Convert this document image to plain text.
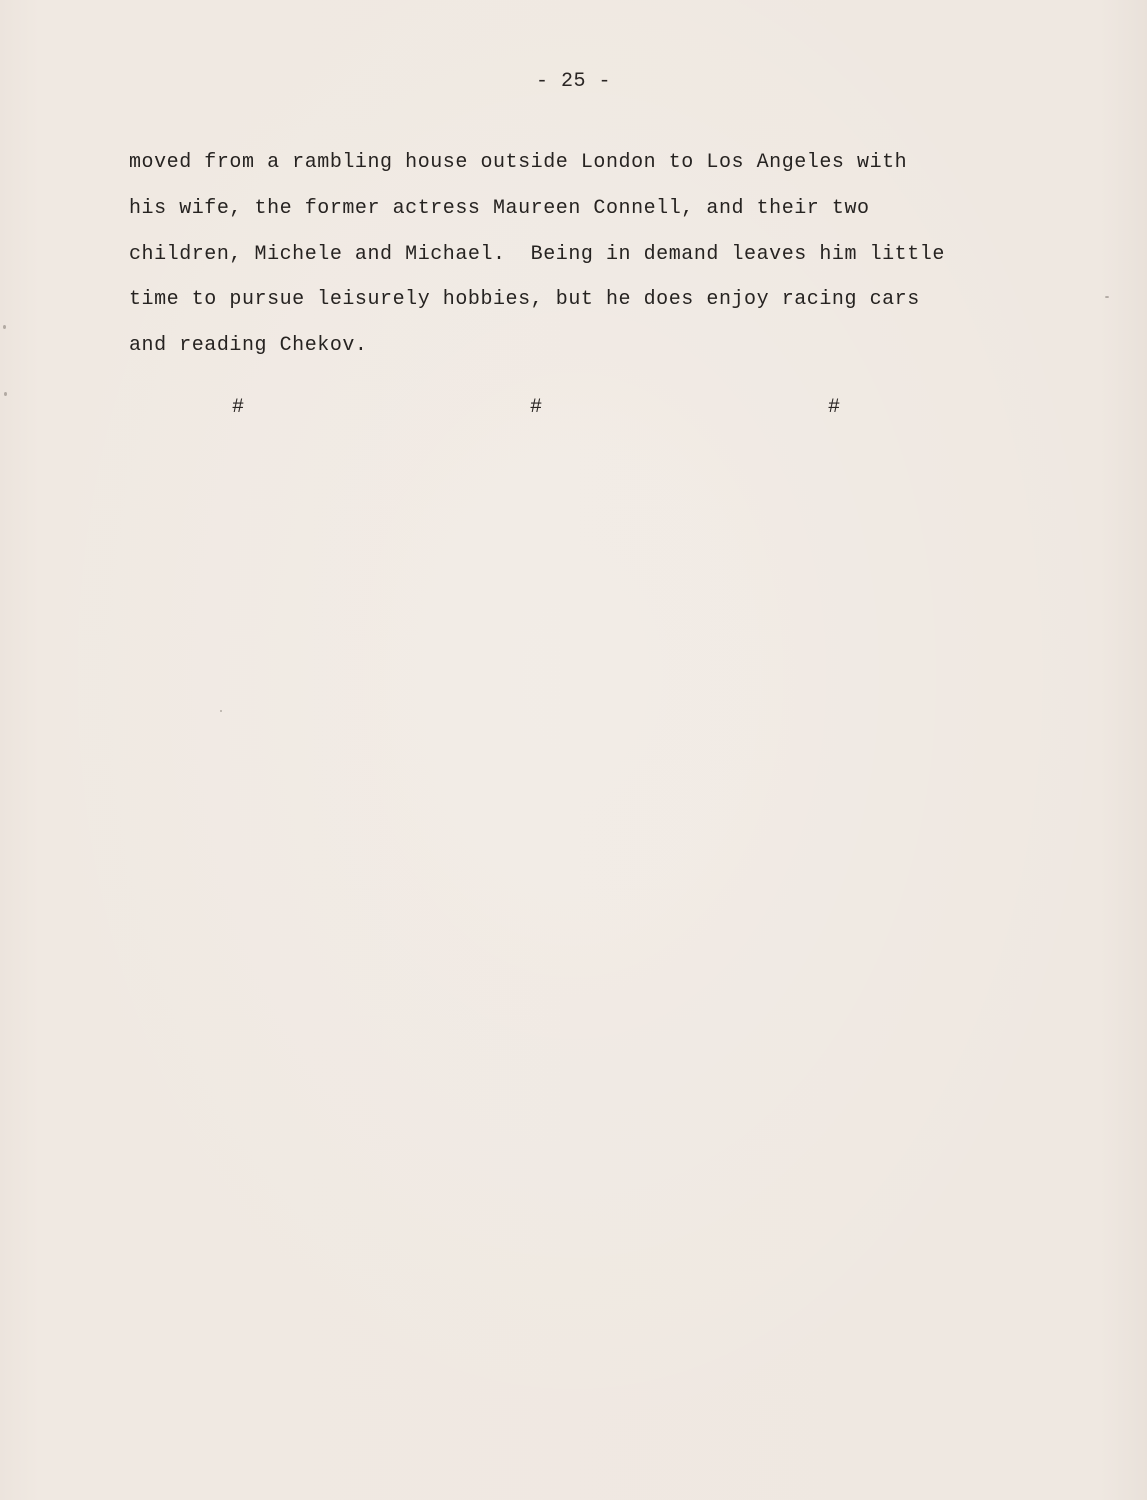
- 25 -
moved from a rambling house outside London to Los Angeles with
his wife, the former actress Maureen Connell, and their two
children, Michele and Michael.  Being in demand leaves him little
time to pursue leisurely hobbies, but he does enjoy racing cars
and reading Chekov.
#	#	#
